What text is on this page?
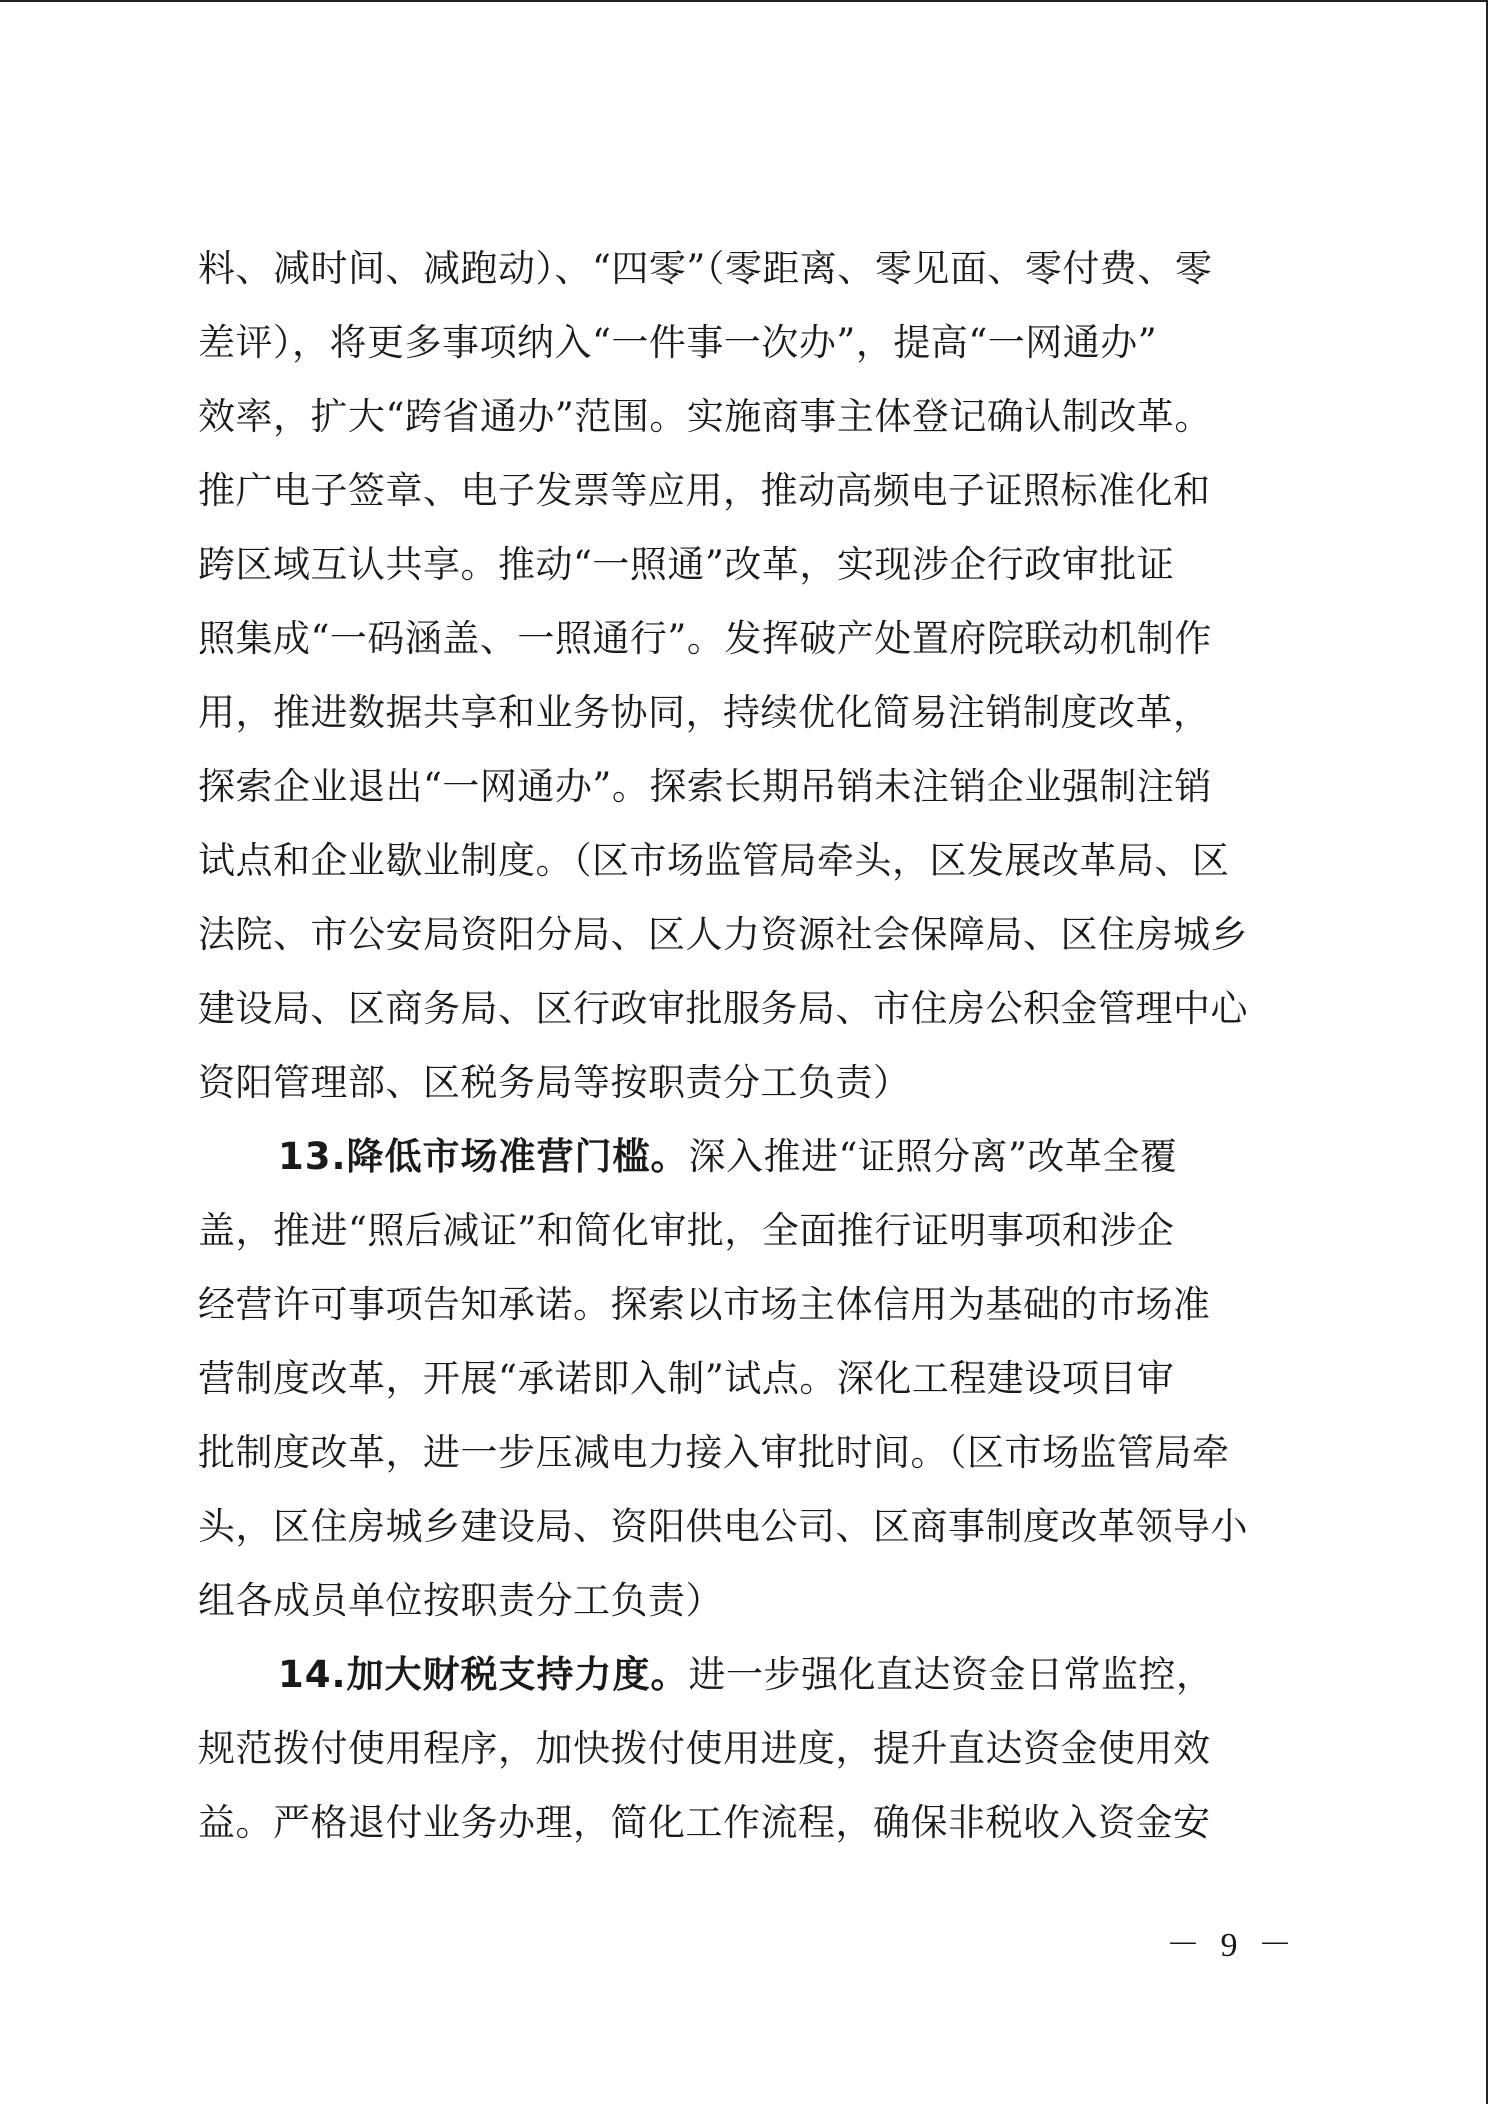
料、减时间、减跑动）、“四零”（零距离、零见面、零付费、零
差评），将更多事项纳入“一件事一次办”，提高“一网通办”
效率，扩大“跨省通办”范围。实施商事主体登记确认制改革。
推广电子签章、电子发票等应用，推动高频电子证照标准化和
跨区域互认共享。推动“一照通”改革，实现涉企行政审批证
照集成“一码涵盖、一照通行”。发挥破产处置府院联动机制作
用，推进数据共享和业务协同，持续优化简易注销制度改革，
探索企业退出“一网通办”。探索长期吊销未注销企业强制注销
试点和企业歇业制度。（区市场监管局牵头，区发展改革局、区
法院、市公安局资阳分局、区人力资源社会保障局、区住房城乡
建设局、区商务局、区行政审批服务局、市住房公积金管理中心
资阳管理部、区税务局等按职责分工负责）
13.降低市场准营门槛。深入推进“证照分离”改革全覆
盖，推进“照后减证”和简化审批，全面推行证明事项和涉企
经营许可事项告知承诺。探索以市场主体信用为基础的市场准
营制度改革，开展“承诺即入制”试点。深化工程建设项目审
批制度改革，进一步压减电力接入审批时间。（区市场监管局牵
头，区住房城乡建设局、资阳供电公司、区商事制度改革领导小
组各成员单位按职责分工负责）
14.加大财税支持力度。进一步强化直达资金日常监控，
规范拨付使用程序，加快拨付使用进度，提升直达资金使用效
益。严格退付业务办理，简化工作流程，确保非税收入资金安
－ 9 －
